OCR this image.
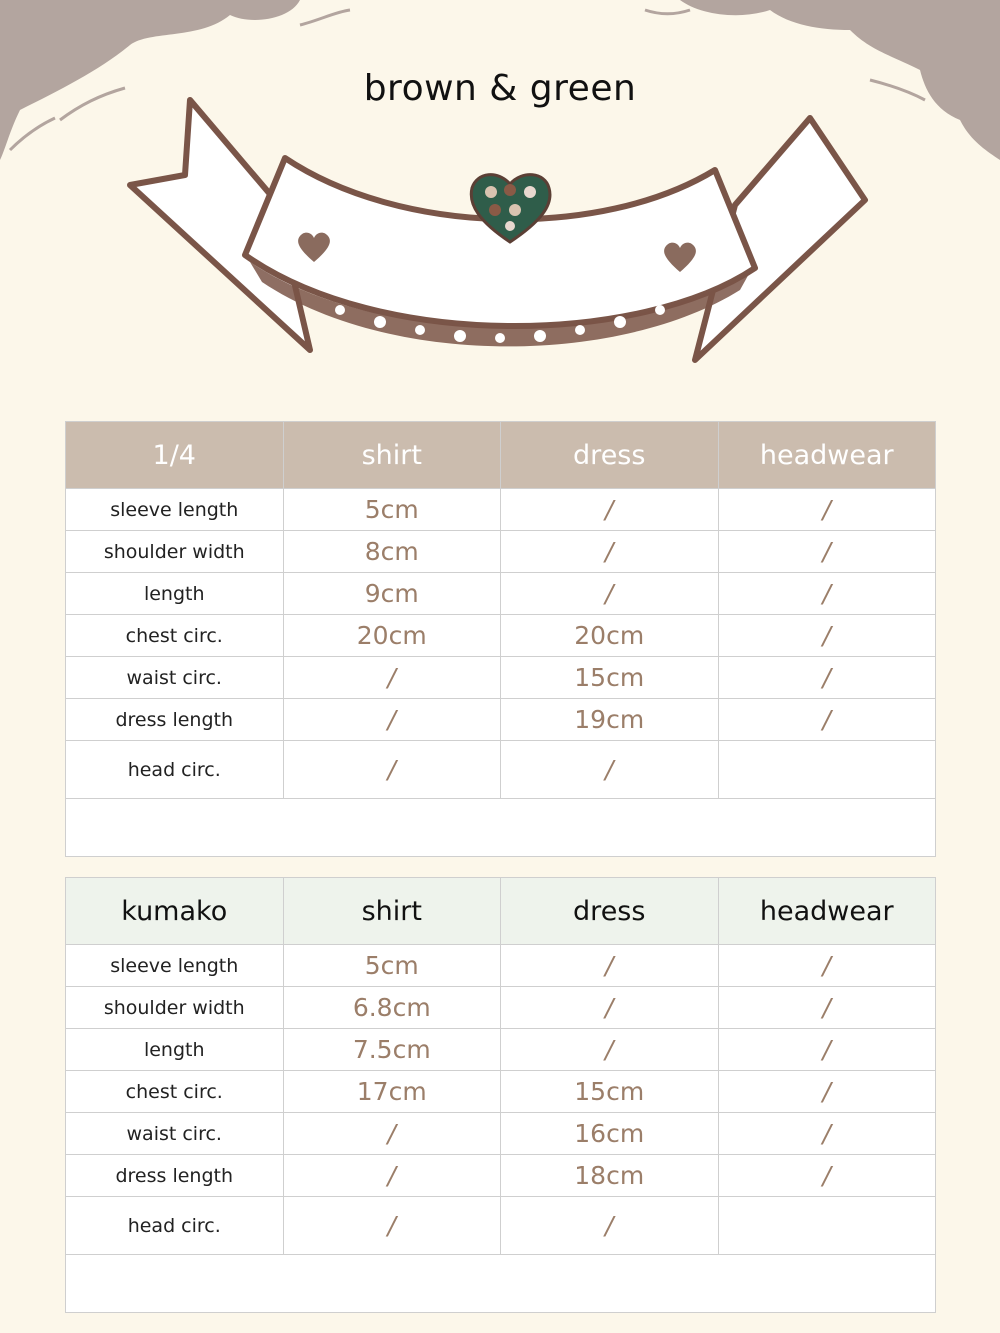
brown & green
1/4	shirt	dress	headwear
sleeve length	5cm	/	/
shoulder width	8cm	/	/
length	9cm	/	/
chest circ.	20cm	20cm	/
waist circ.	/	15cm	/
dress length	/	19cm	/
head circ.	/	/	

kumako	shirt	dress	headwear
sleeve length	5cm	/	/
shoulder width	6.8cm	/	/
length	7.5cm	/	/
chest circ.	17cm	15cm	/
waist circ.	/	16cm	/
dress length	/	18cm	/
head circ.	/	/	
